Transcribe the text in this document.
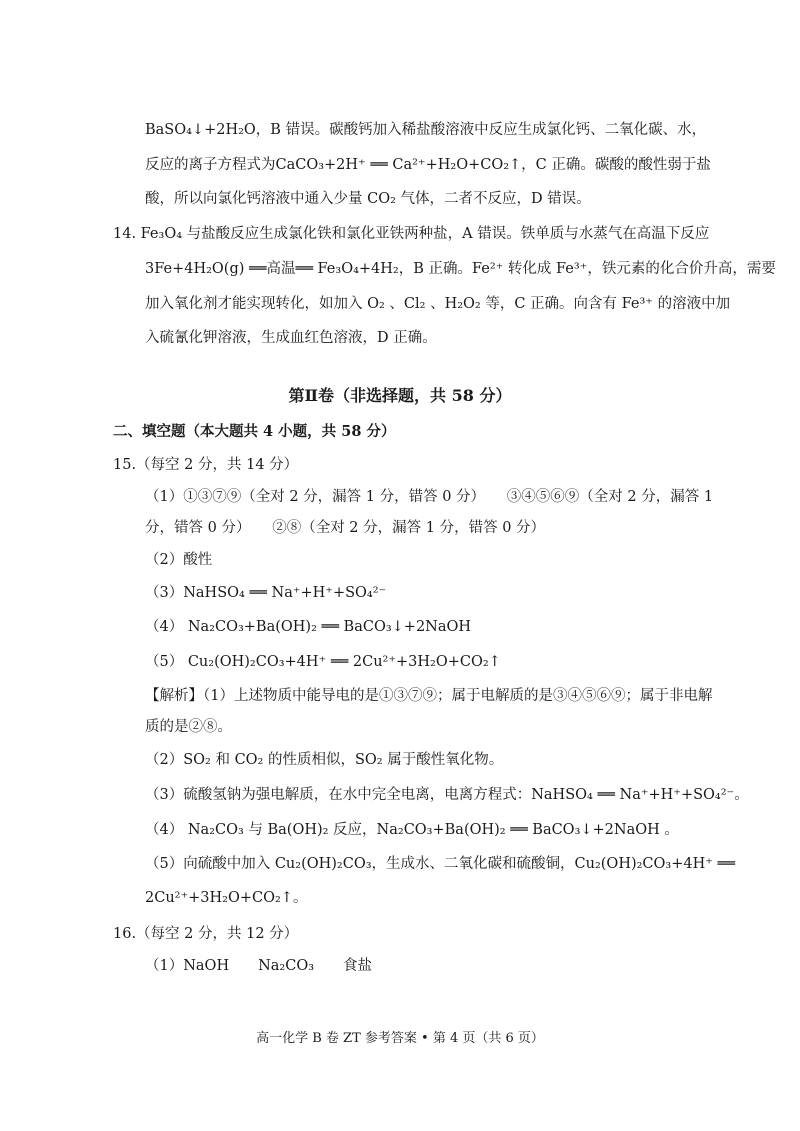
BaSO₄↓+2H₂O，B 错误。碳酸钙加入稀盐酸溶液中反应生成氯化钙、二氧化碳、水，
反应的离子方程式为CaCO₃+2H⁺ ══ Ca²⁺+H₂O+CO₂↑，C 正确。碳酸的酸性弱于盐
酸，所以向氯化钙溶液中通入少量 CO₂ 气体，二者不反应，D 错误。
14. Fe₃O₄ 与盐酸反应生成氯化铁和氯化亚铁两种盐，A 错误。铁单质与水蒸气在高温下反应
3Fe+4H₂O(g) ══高温══ Fe₃O₄+4H₂，B 正确。Fe²⁺ 转化成 Fe³⁺，铁元素的化合价升高，需要
加入氧化剂才能实现转化，如加入 O₂ 、Cl₂ 、H₂O₂ 等，C 正确。向含有 Fe³⁺ 的溶液中加
入硫氰化钾溶液，生成血红色溶液，D 正确。
第Ⅱ卷（非选择题，共 58 分）
二、填空题（本大题共 4 小题，共 58 分）
15.（每空 2 分，共 14 分）
（1）①③⑦⑨（全对 2 分，漏答 1 分，错答 0 分）　　③④⑤⑥⑨（全对 2 分，漏答 1
分，错答 0 分）　　②⑧（全对 2 分，漏答 1 分，错答 0 分）
（2）酸性
（3）NaHSO₄ ══ Na⁺+H⁺+SO₄²⁻
（4） Na₂CO₃+Ba(OH)₂ ══ BaCO₃↓+2NaOH
（5） Cu₂(OH)₂CO₃+4H⁺ ══ 2Cu²⁺+3H₂O+CO₂↑
【解析】（1）上述物质中能导电的是①③⑦⑨；属于电解质的是③④⑤⑥⑨；属于非电解
质的是②⑧。
（2）SO₂ 和 CO₂ 的性质相似，SO₂ 属于酸性氧化物。
（3）硫酸氢钠为强电解质，在水中完全电离，电离方程式：NaHSO₄ ══ Na⁺+H⁺+SO₄²⁻。
（4） Na₂CO₃ 与 Ba(OH)₂ 反应，Na₂CO₃+Ba(OH)₂ ══ BaCO₃↓+2NaOH 。
（5）向硫酸中加入 Cu₂(OH)₂CO₃，生成水、二氧化碳和硫酸铜，Cu₂(OH)₂CO₃+4H⁺ ══
2Cu²⁺+3H₂O+CO₂↑。
16.（每空 2 分，共 12 分）
（1）NaOH　　Na₂CO₃　　食盐
高一化学 B 卷 ZT 参考答案 • 第 4 页（共 6 页）
